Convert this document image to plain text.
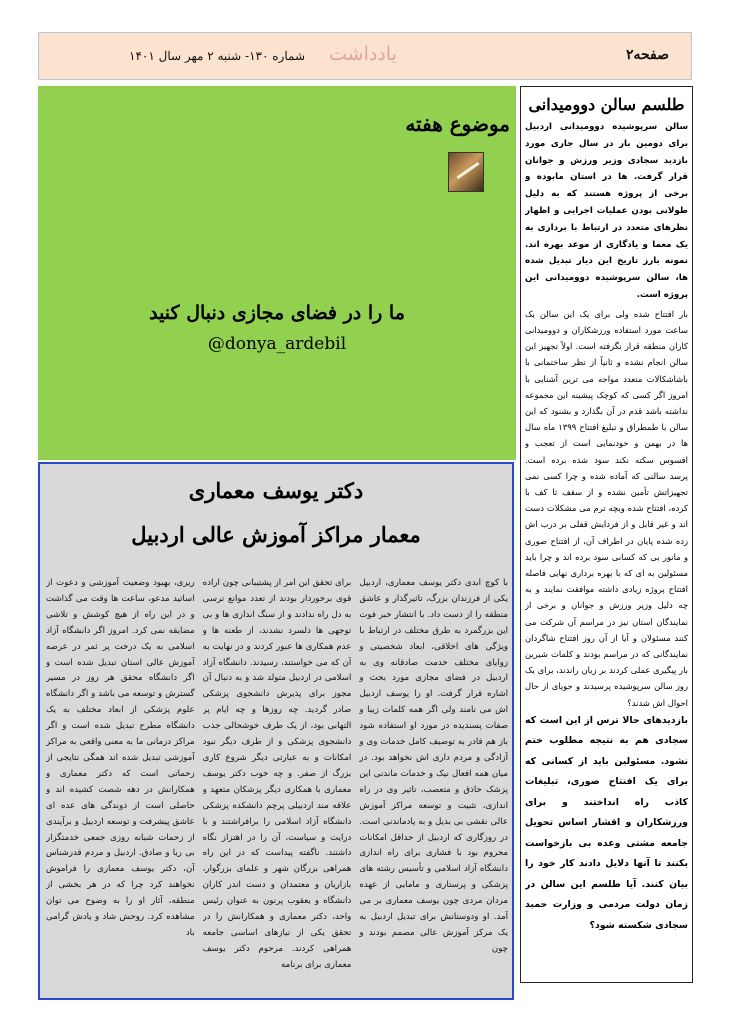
صفحه۲
یادداشت
شماره ۱۳۰- شنبه ۲ مهر سال ۱۴۰۱
موضوع هفته
ما را در فضای مجازی دنبال کنید
@donya_ardebil
دکتر یوسف معماری
معمار مراکز آموزش عالی اردبیل
با کوچ ابدی دکتر یوسف معماری، اردبیل یکی از فرزندان بزرگ، تاثیرگذار و عاشق منطقه را از دست داد. با انتشار خبر فوت این بزرگمرد به طرق مختلف در ارتباط با ویژگی های اخلاقی، ابعاد شخصیتی و زوایای مختلف خدمت صادقانه وی به اردبیل در فضای مجازی مورد بحث و اشاره قرار گرفت. او را یوسف اردبیل اش می نامند ولی اگر همه کلمات زیبا و صفات پسندیده در مورد او استفاده شود باز هم قادر به توصیف کامل خدمات وی و آزادگی و مردم داری اش نخواهد بود. در میان همه افعال نیک و خدمات ماندنی این پزشک حاذق و متعصب، تاثیر وی در راه اندازی، تثبیت و توسعه مراکز آموزش عالی نقشی بی بدیل و به یادماندنی است. در روزگاری که اردبیل از حداقل امکانات محروم بود با فشاری برای راه اندازی دانشگاه آزاد اسلامی و تأسیس رشته های پزشکی و پرستاری و مامایی از عهده مردان مردی چون یوسف معماری بر می آمد. او ودوستانش برای تبدیل اردبیل به یک مرکز آموزش عالی مصمم بودند و چون
برای تحقق این امر از پشتیبانی چون اراده قوی برخوردار بودند از تعدد موانع ترسی به دل راه ندادند و از سنگ اندازی ها و بی توجهی ها دلسرد نشدند، از طعنه ها و عدم همکاری ها عبور کردند و در نهایت به آن که می خواستند، رسیدند. دانشگاه آزاد اسلامی در اردبیل متولد شد و به دنبال آن مجوز برای پذیرش دانشجوی پزشکی صادر گردید. چه روزها و چه ایام پر التهابی بود، از یک طرف خوشحالی جذب دانشجوی پزشکی و از طرف دیگر نبود امکانات و به عبارتی دیگر شروع کاری بزرگ از صفر. و چه خوب دکتر یوسف معماری با همکاری دیگر پزشکان متعهد و علاقه مند اردبیلی پرچم دانشکده پزشکی دانشگاه آزاد اسلامی را برافراشتند و با درایت و سیاست، آن را در اهتزاز نگاه داشتند. ناگفته پیداست که در این راه همراهی بزرگان شهر و علمای بزرگوار، بازاریان و معتمدان و دست اندر کاران دانشگاه و یعقوب پرنون به عنوان رئیس واحد، دکتر معماری و همکارانش را در تحقق یکی از نیازهای اساسی جامعه همراهی کردند. مرحوم دکتر یوسف معماری برای برنامه
ریزی، بهبود وضعیت آموزشی و دعوت از اساتید مدعو، ساعت ها وقت می گذاشت و در این راه از هیچ کوشش و تلاشی مضایقه نمی کرد. امروز اگر دانشگاه آزاد اسلامی به یک درخت پر ثمر در عرصه آموزش عالی استان تبدیل شده است و اگر دانشگاه محقق هر روز در مسیر گسترش و توسعه می باشد و اگر دانشگاه علوم پزشکی از ابعاد مختلف به یک دانشگاه مطرح تبدیل شده است و اگر مراکز درمانی ما به معنی واقعی به مراکز آموزشی تبدیل شده اند همگی نتایجی از زحماتی است که دکتر معماری و همکارانش در دهه شصت کشیده اند و حاصلی است از دوندگی های عده ای عاشق پیشرفت و توسعه اردبیل و برآیندی از زحمات شبانه روزی جمعی خدمتگزار بی ریا و صادق. اردبیل و مردم قدرشناس آن، دکتر یوسف معماری را فراموش نخواهند کرد چرا که در هر بخشی از منطقه، آثار او را به وضوح می توان مشاهده کرد. روحش شاد و یادش گرامی باد
طلسم سالن دوومیدانی

سالن سرپوشیده دوومیدانی اردبیل برای دومین بار در سال جاری مورد بازدید سجادی وزیر ورزش و جوانان قرار گرفت. ها در استان مابوده و برخی از پروژه هستند که به دلیل طولانی بودن عملیات اجرایی و اظهار نظرهای متعدد در ارتباط با برداری به یک معما و یادگاری از موعد بهره اند. نمونه بارز تاریخ این دیار تبدیل شده ها، سالن سرپوشیده دوومیدانی این پروژه است.

بار افتتاح شده ولی برای یک این سالن یک ساعت مورد استفاده ورزشکاران و دوومیدانی کاران منطقه قرار نگرفته است. اولاً تجهیز این سالن انجام نشده و ثانیاً از نظر ساختمانی با باشاشکالات متعدد مواجه می ترین آشنایی با امروز اگر کسی که کوچک پیشینه این مجموعه نداشته باشد قدم در آن بگذارد و بشنود که این سالن با طمطراق و تبلیغ افتتاح ۱۳۹۹ ماه سال ها در بهمن و خودنمایی است از تعجب و افسوس سکته نکند سود شده برده است. پرسد سالنی که آماده شده و چرا کسی نمی تجهیزاتش تأمین نشده و از سقف تا کف با کرده، افتتاح شده وبچه ترم می مشکلات دست اند و غیر قابل و از فردایش قفلی بر درب اش زده شده پایان در اطراف آن، از افتتاح صوری و مانور بی که کسانی سود برده اند و چرا باید مسئولین به ای که با بهره برداری نهایی فاصله افتتاح پروژه زیادی داشته موافقت نمایند و به چه دلیل وزیر ورزش و جوانان و برخی از نمایندگان استان نیز در مراسم آن شرکت می کنند مسئولان و آیا از آن روز افتتاح شاگردان نمایندگانی که در مراسم بودند و کلمات شیرین بار پیگیری عملی کردند بر زبان راندند، برای یک روز سالن سرپوشیده پرسیدند و جویای از حال احوال اش شدند؟

بازدیدهای حالا ترس از این است که سجادی هم به نتیجه مطلوب ختم نشود. مسئولین باید از کسانی که برای یک افتتاح صوری، تبلیغات کاذب راه انداختند و برای ورزشکاران و اقشار اساس تحویل جامعه مشتی وعده بی بازخواست بکنند تا آنها دلایل دادند کار خود را بیان کنند. آیا طلسم این سالن در زمان دولت مردمی و وزارت حمید سجادی شکسته شود؟
